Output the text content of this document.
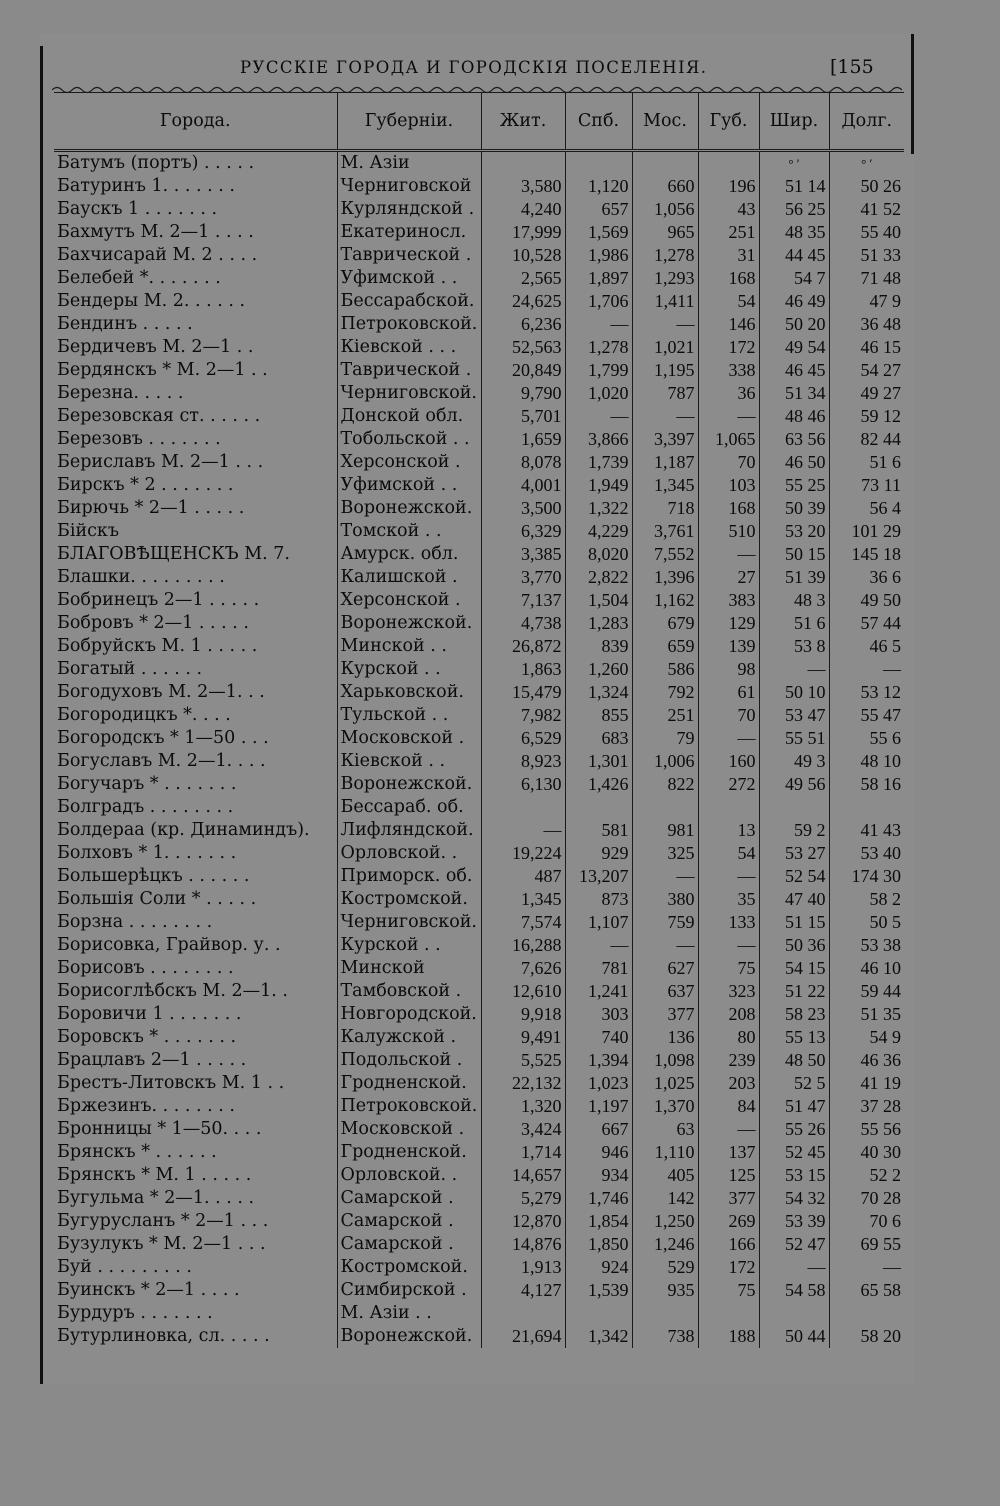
РУССКІЕ ГОРОДА И ГОРОДСКІЯ ПОСЕЛЕНІЯ.	[155
Города.	Губерніи.	Жит.	Спб.	Мос.	Губ.	Шир.	Долг.
Батумъ (портъ) . . . . .	М. Азіи					° ′	° ′
Батуринъ 1. . . . . . .	Черниговской	3,580	1,120	660	196	51 14	50 26
Баускъ 1 . . . . . . .	Курляндской .	4,240	657	1,056	43	56 25	41 52
Бахмутъ М. 2—1 . . . .	Екатериносл.	17,999	1,569	965	251	48 35	55 40
Бахчисарай М. 2 . . . .	Таврической .	10,528	1,986	1,278	31	44 45	51 33
Белебей *. . . . . . .	Уфимской . .	2,565	1,897	1,293	168	54 7	71 48
Бендеры М. 2. . . . . .	Бессарабской.	24,625	1,706	1,411	54	46 49	47 9
Бендинъ . . . . .	Петроковской.	6,236	—	—	146	50 20	36 48
Бердичевъ М. 2—1 . .	Кіевской . . .	52,563	1,278	1,021	172	49 54	46 15
Бердянскъ * М. 2—1 . .	Таврической .	20,849	1,799	1,195	338	46 45	54 27
Березна. . . . .	Черниговской.	9,790	1,020	787	36	51 34	49 27
Березовская ст. . . . . .	Донской обл.	5,701	—	—	—	48 46	59 12
Березовъ . . . . . . .	Тобольской . .	1,659	3,866	3,397	1,065	63 56	82 44
Бериславъ М. 2—1 . . .	Херсонской .	8,078	1,739	1,187	70	46 50	51 6
Бирскъ * 2 . . . . . . .	Уфимской . .	4,001	1,949	1,345	103	55 25	73 11
Бирючь * 2—1 . . . . .	Воронежской.	3,500	1,322	718	168	50 39	56 4
Бійскъ	Томской . .	6,329	4,229	3,761	510	53 20	101 29
БЛАГОВѢЩЕНСКЪ М. 7.	Амурск. обл.	3,385	8,020	7,552	—	50 15	145 18
Блашки. . . . . . . . .	Калишской .	3,770	2,822	1,396	27	51 39	36 6
Бобринецъ 2—1 . . . . .	Херсонской .	7,137	1,504	1,162	383	48 3	49 50
Бобровъ * 2—1 . . . . .	Воронежской.	4,738	1,283	679	129	51 6	57 44
Бобруйскъ М. 1 . . . . .	Минской . .	26,872	839	659	139	53 8	46 5
Богатый . . . . . .	Курской . .	1,863	1,260	586	98	—	—
Богодуховъ М. 2—1. . .	Харьковской.	15,479	1,324	792	61	50 10	53 12
Богородицкъ *. . . .	Тульской . .	7,982	855	251	70	53 47	55 47
Богородскъ * 1—50 . . .	Московской .	6,529	683	79	—	55 51	55 6
Богуславъ М. 2—1. . . .	Кіевской . .	8,923	1,301	1,006	160	49 3	48 10
Богучаръ * . . . . . . .	Воронежской.	6,130	1,426	822	272	49 56	58 16
Болградъ . . . . . . . .	Бессараб. об.						
Болдераа (кр. Динаминдъ).	Лифляндской.	—	581	981	13	59 2	41 43
Болховъ * 1. . . . . . .	Орловской. .	19,224	929	325	54	53 27	53 40
Большерѣцкъ . . . . . .	Приморск. об.	487	13,207	—	—	52 54	174 30
Большія Соли * . . . . .	Костромской.	1,345	873	380	35	47 40	58 2
Борзна . . . . . . . .	Черниговской.	7,574	1,107	759	133	51 15	50 5
Борисовка, Грайвор. у. .	Курской . .	16,288	—	—	—	50 36	53 38
Борисовъ . . . . . . . .	Минской	7,626	781	627	75	54 15	46 10
Борисоглѣбскъ М. 2—1. .	Тамбовской .	12,610	1,241	637	323	51 22	59 44
Боровичи 1 . . . . . . .	Новгородской.	9,918	303	377	208	58 23	51 35
Боровскъ * . . . . . . .	Калужской .	9,491	740	136	80	55 13	54 9
Брацлавъ 2—1 . . . . .	Подольской .	5,525	1,394	1,098	239	48 50	46 36
Брестъ-Литовскъ М. 1 . .	Гродненской.	22,132	1,023	1,025	203	52 5	41 19
Бржезинъ. . . . . . . .	Петроковской.	1,320	1,197	1,370	84	51 47	37 28
Бронницы * 1—50. . . .	Московской .	3,424	667	63	—	55 26	55 56
Брянскъ * . . . . . .	Гродненской.	1,714	946	1,110	137	52 45	40 30
Брянскъ * М. 1 . . . . .	Орловской. .	14,657	934	405	125	53 15	52 2
Бугульма * 2—1. . . . .	Самарской .	5,279	1,746	142	377	54 32	70 28
Бугурусланъ * 2—1 . . .	Самарской .	12,870	1,854	1,250	269	53 39	70 6
Бузулукъ * М. 2—1 . . .	Самарской .	14,876	1,850	1,246	166	52 47	69 55
Буй . . . . . . . . .	Костромской.	1,913	924	529	172	—	—
Буинскъ * 2—1 . . . .	Симбирской .	4,127	1,539	935	75	54 58	65 58
Бурдуръ . . . . . . .	М. Азіи . .						
Бутурлиновка, сл. . . . .	Воронежской.	21,694	1,342	738	188	50 44	58 20
